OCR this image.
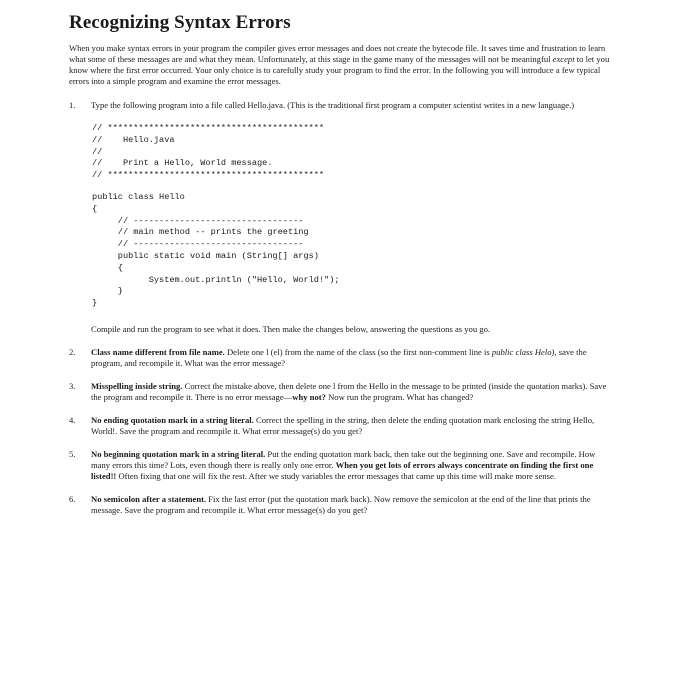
Recognizing Syntax Errors

When you make syntax errors in your program the compiler gives error messages and does not create the bytecode file. It saves time and frustration to learn what some of these messages are and what they mean. Unfortunately, at this stage in the game many of the messages will not be meaningful except to let you know where the first error occurred. Your only choice is to carefully study your program to find the error. In the following you will introduce a few typical errors into a simple program and examine the error messages.

1. Type the following program into a file called Hello.java. (This is the traditional first program a computer scientist writes in a new language.)
// ******************************************
//    Hello.java
//
//    Print a Hello, World message.
// ******************************************
public class Hello
{
// ---------------------------------
// main method -- prints the greeting
// ---------------------------------
public static void main (String[] args)
{
System.out.println ("Hello, World!");
}
}
Compile and run the program to see what it does. Then make the changes below, answering the questions as you go.
2. Class name different from file name. Delete one l (el) from the name of the class (so the first non-comment line is public class Helo), save the program, and recompile it. What was the error message?
3. Misspelling inside string. Correct the mistake above, then delete one l from the Hello in the message to be printed (inside the quotation marks). Save the program and recompile it. There is no error message—why not? Now run the program. What has changed?
4. No ending quotation mark in a string literal. Correct the spelling in the string, then delete the ending quotation mark enclosing the string Hello, World!. Save the program and recompile it. What error message(s) do you get?
5. No beginning quotation mark in a string literal. Put the ending quotation mark back, then take out the beginning one. Save and recompile. How many errors this time? Lots, even though there is really only one error. When you get lots of errors always concentrate on finding the first one listed!! Often fixing that one will fix the rest. After we study variables the error messages that came up this time will make more sense.
6. No semicolon after a statement. Fix the last error (put the quotation mark back). Now remove the semicolon at the end of the line that prints the message. Save the program and recompile it. What error message(s) do you get?
